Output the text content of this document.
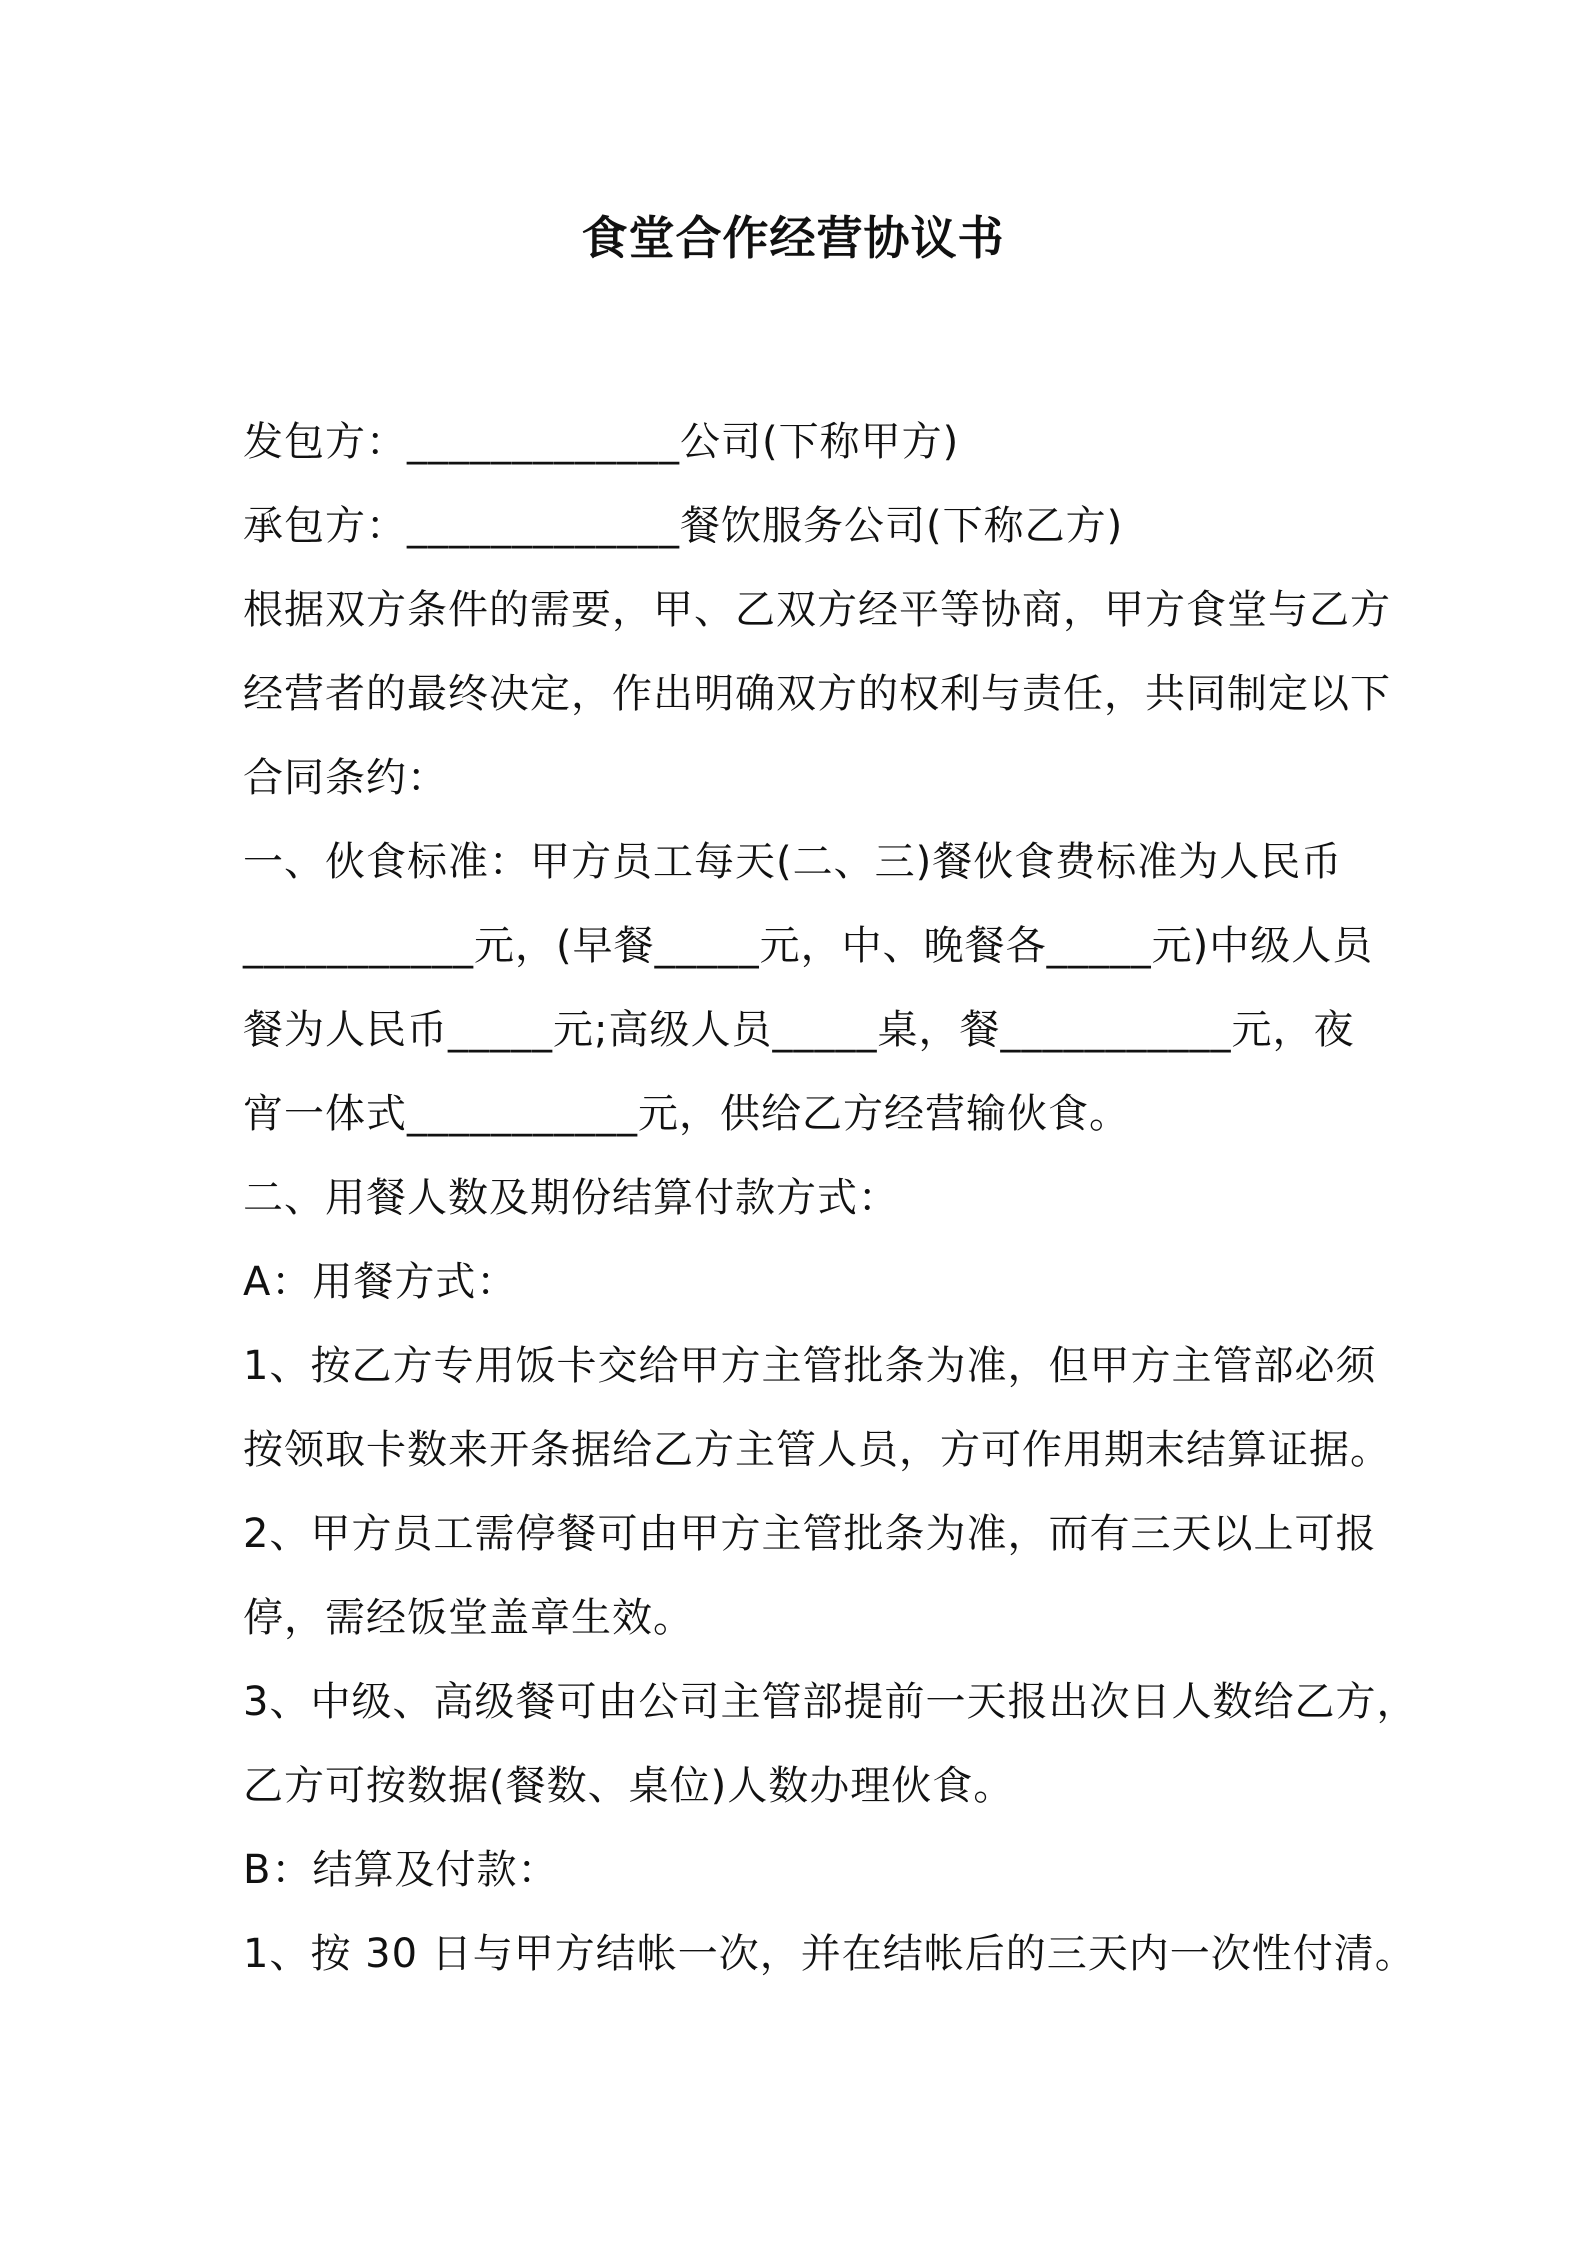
食堂合作经营协议书
发包方：_____________公司(下称甲方)
承包方：_____________餐饮服务公司(下称乙方)
根据双方条件的需要，甲、乙双方经平等协商，甲方食堂与乙方
经营者的最终决定，作出明确双方的权利与责任，共同制定以下
合同条约：
一、伙食标准：甲方员工每天(二、三)餐伙食费标准为人民币
___________元，(早餐_____元，中、晚餐各_____元)中级人员
餐为人民币_____元;高级人员_____桌，餐___________元，夜
宵一体式___________元，供给乙方经营输伙食。
二、用餐人数及期份结算付款方式：
A：用餐方式：
1、按乙方专用饭卡交给甲方主管批条为准，但甲方主管部必须
按领取卡数来开条据给乙方主管人员，方可作用期末结算证据。
2、甲方员工需停餐可由甲方主管批条为准，而有三天以上可报
停，需经饭堂盖章生效。
3、中级、高级餐可由公司主管部提前一天报出次日人数给乙方，
乙方可按数据(餐数、桌位)人数办理伙食。
B：结算及付款：
1、按 30 日与甲方结帐一次，并在结帐后的三天内一次性付清。
